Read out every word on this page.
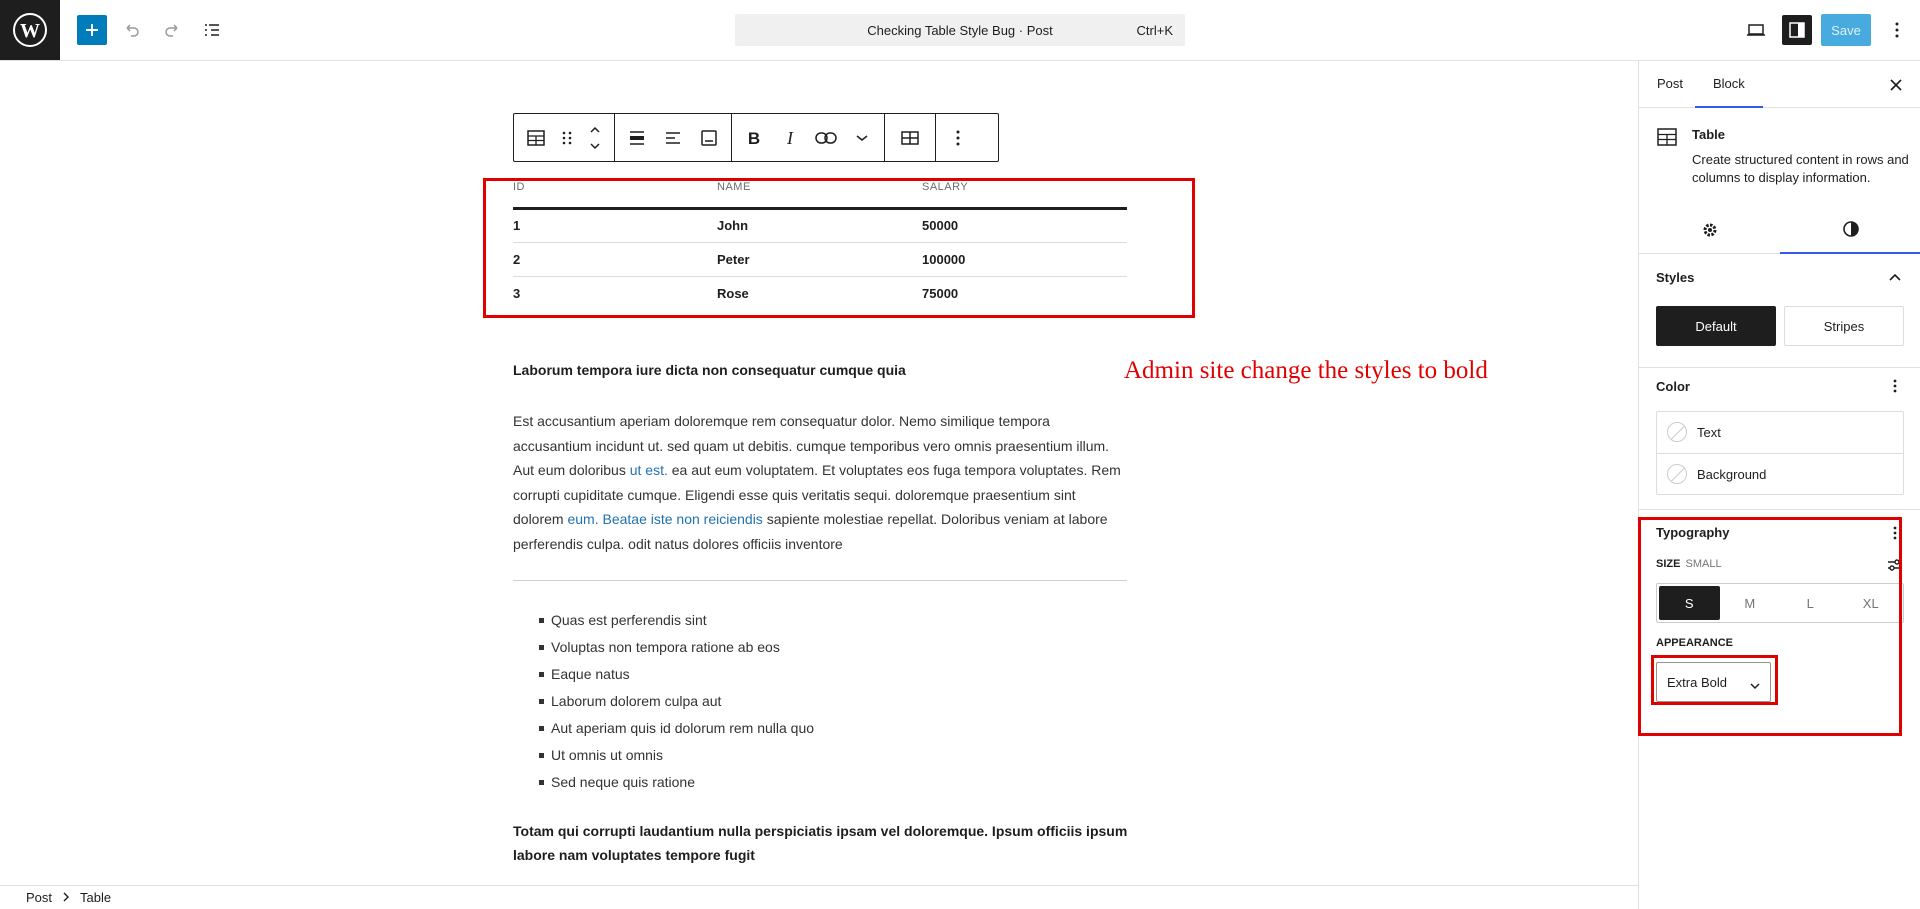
W	Checking Table Style Bug · Post	Ctrl+K	Save
B I
ID	NAME	SALARY
1	John	50000
2	Peter	100000
3	Rose	75000
Laborum tempora iure dicta non consequatur cumque quia

Est accusantium aperiam doloremque rem consequatur dolor. Nemo similique tempora accusantium incidunt ut. sed quam ut debitis. cumque temporibus vero omnis praesentium illum. Aut eum doloribus ut est. ea aut eum voluptatem. Et voluptates eos fuga tempora voluptates. Rem corrupti cupiditate cumque. Eligendi esse quis veritatis sequi. doloremque praesentium sint dolorem eum. Beatae iste non reiciendis sapiente molestiae repellat. Doloribus veniam at labore perferendis culpa. odit natus dolores officiis inventore

Quas est perferendis sint
Voluptas non tempora ratione ab eos
Eaque natus
Laborum dolorem culpa aut
Aut aperiam quis id dolorum rem nulla quo
Ut omnis ut omnis
Sed neque quis ratione
Totam qui corrupti laudantium nulla perspiciatis ipsam vel doloremque. Ipsum officiis ipsum labore nam voluptates tempore fugit
Admin site change the styles to bold
Post Table
Post	Block
Table
Create structured content in rows and columns to display information.
Styles
Default	Stripes
Color
Text
Background
Typography
SIZE SMALL
S	M	L	XL
APPEARANCE
Extra Bold
